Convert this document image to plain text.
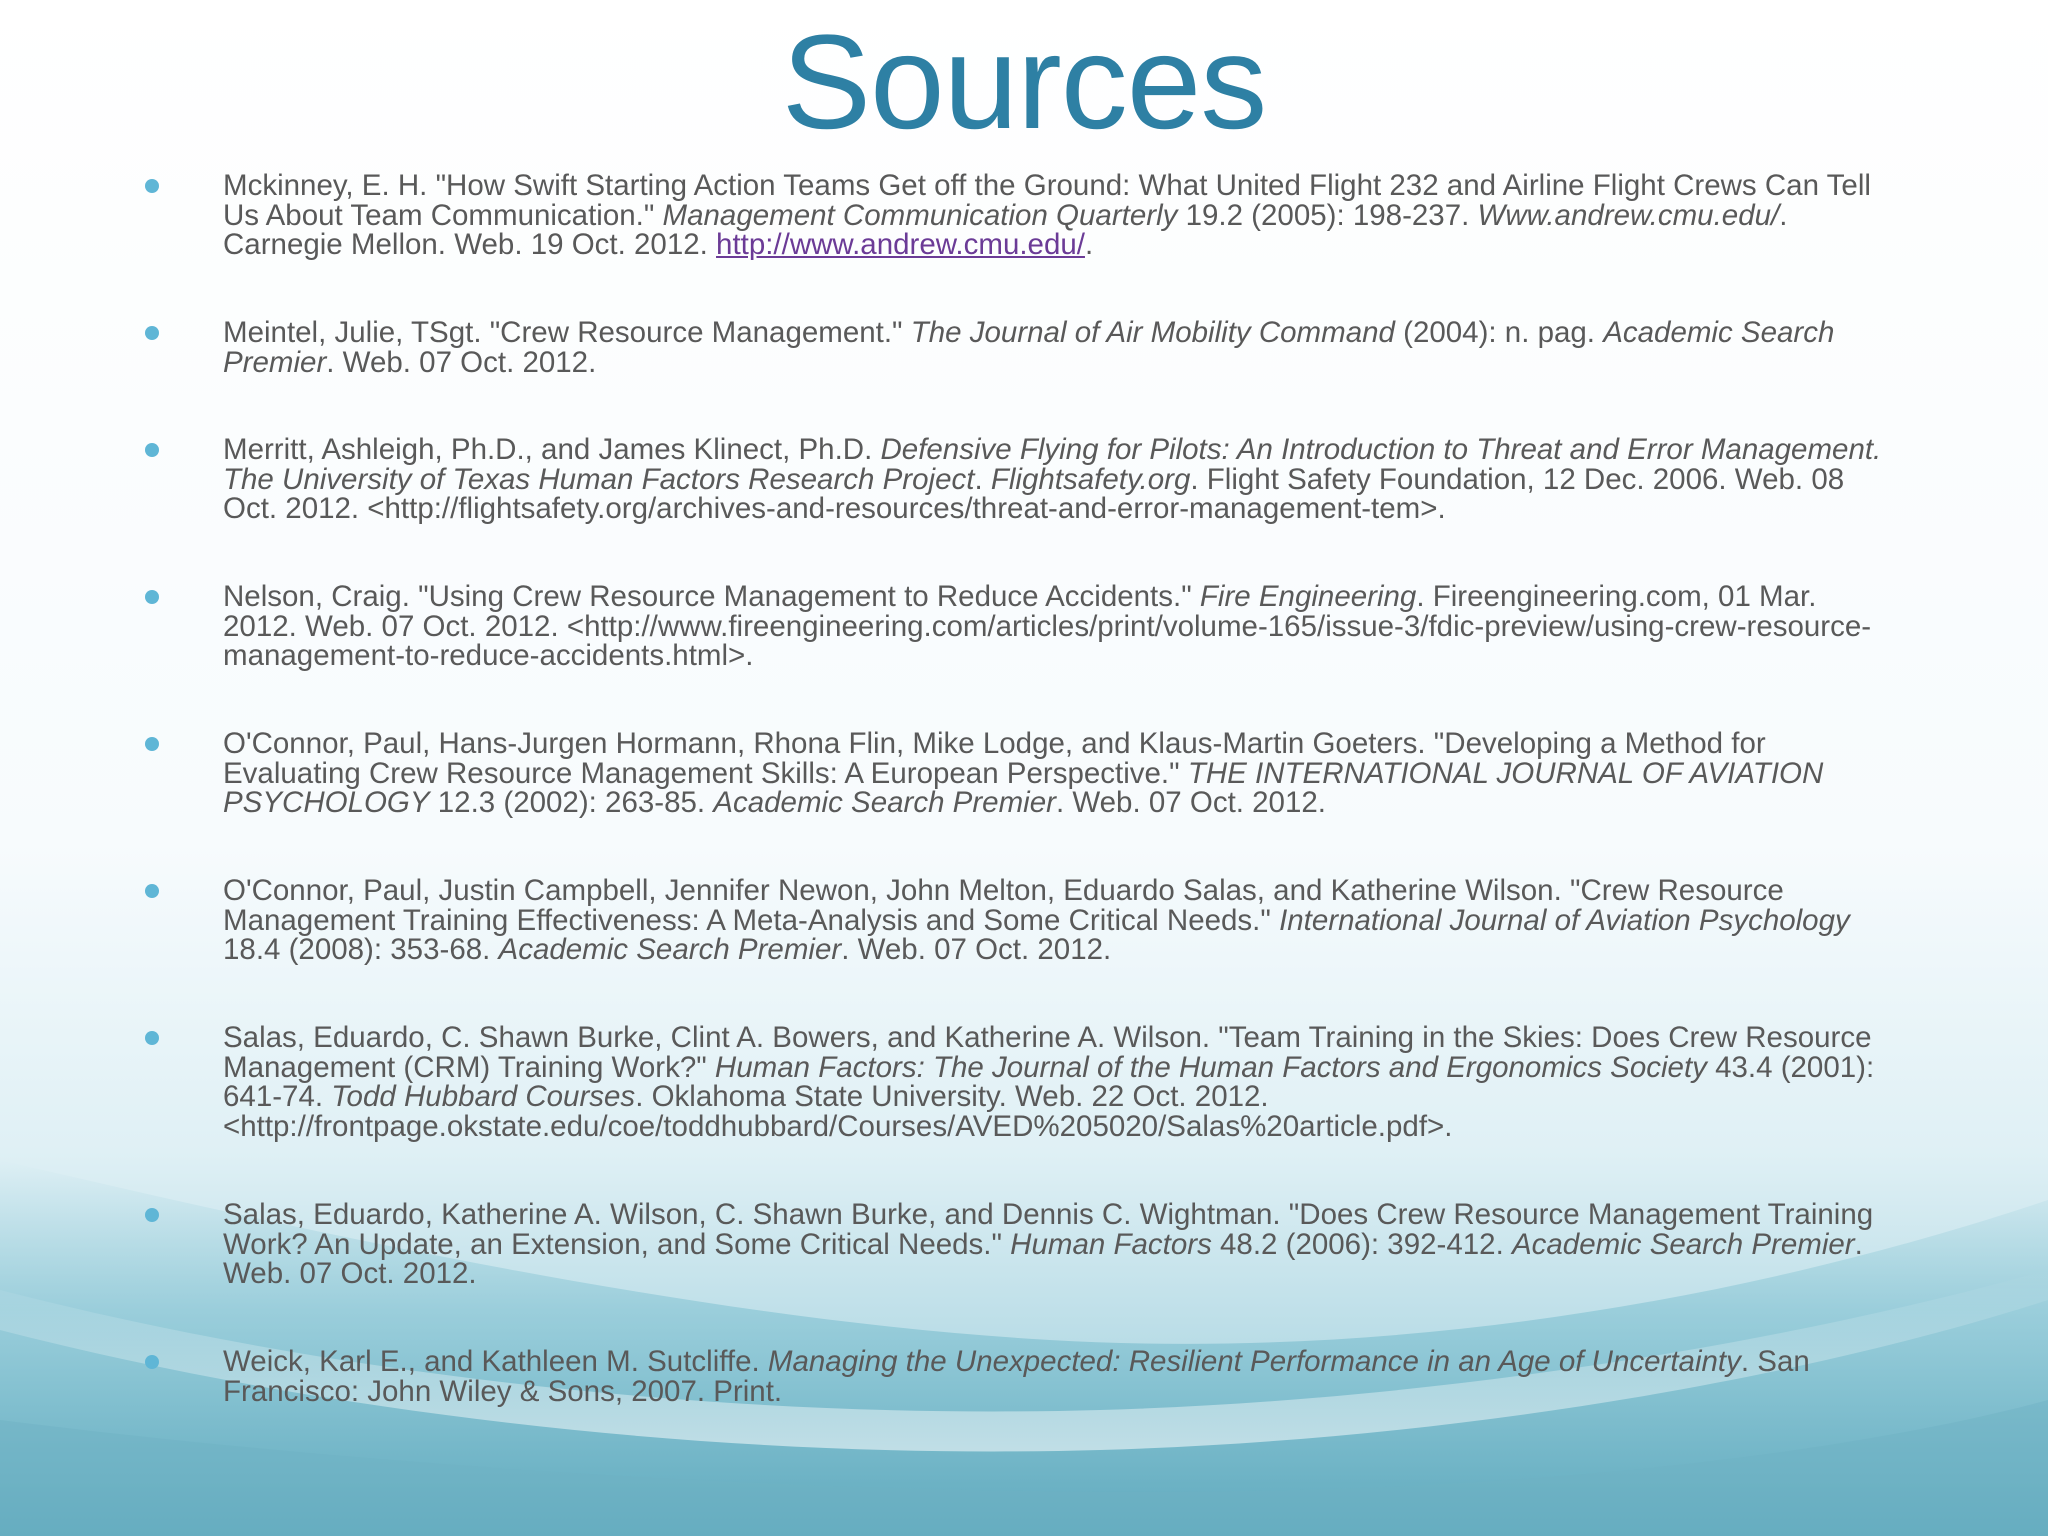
Sources
Mckinney, E. H. "How Swift Starting Action Teams Get off the Ground: What United Flight 232 and Airline Flight Crews Can Tell Us About Team Communication." Management Communication Quarterly 19.2 (2005): 198-237. Www.andrew.cmu.edu/. Carnegie Mellon. Web. 19 Oct. 2012. http://www.andrew.cmu.edu/.
Meintel, Julie, TSgt. "Crew Resource Management." The Journal of Air Mobility Command (2004): n. pag. Academic Search Premier. Web. 07 Oct. 2012.
Merritt, Ashleigh, Ph.D., and James Klinect, Ph.D. Defensive Flying for Pilots: An Introduction to Threat and Error Management. The University of Texas Human Factors Research Project. Flightsafety.org. Flight Safety Foundation, 12 Dec. 2006. Web. 08 Oct. 2012. <http://flightsafety.org/archives-and-resources/threat-and-error-management-tem>.
Nelson, Craig. "Using Crew Resource Management to Reduce Accidents." Fire Engineering. Fireengineering.com, 01 Mar. 2012. Web. 07 Oct. 2012. <http://www.fireengineering.com/articles/print/volume-165/issue-3/fdic-preview/using-crew-resource-management-to-reduce-accidents.html>.
O'Connor, Paul, Hans-Jurgen Hormann, Rhona Flin, Mike Lodge, and Klaus-Martin Goeters. "Developing a Method for Evaluating Crew Resource Management Skills: A European Perspective." THE INTERNATIONAL JOURNAL OF AVIATION PSYCHOLOGY 12.3 (2002): 263-85. Academic Search Premier. Web. 07 Oct. 2012.
O'Connor, Paul, Justin Campbell, Jennifer Newon, John Melton, Eduardo Salas, and Katherine Wilson. "Crew Resource Management Training Effectiveness: A Meta-Analysis and Some Critical Needs." International Journal of Aviation Psychology 18.4 (2008): 353-68. Academic Search Premier. Web. 07 Oct. 2012.
Salas, Eduardo, C. Shawn Burke, Clint A. Bowers, and Katherine A. Wilson. "Team Training in the Skies: Does Crew Resource Management (CRM) Training Work?" Human Factors: The Journal of the Human Factors and Ergonomics Society 43.4 (2001): 641-74. Todd Hubbard Courses. Oklahoma State University. Web. 22 Oct. 2012. <http://frontpage.okstate.edu/coe/toddhubbard/Courses/AVED%205020/Salas%20article.pdf>.
Salas, Eduardo, Katherine A. Wilson, C. Shawn Burke, and Dennis C. Wightman. "Does Crew Resource Management Training Work? An Update, an Extension, and Some Critical Needs." Human Factors 48.2 (2006): 392-412. Academic Search Premier. Web. 07 Oct. 2012.
Weick, Karl E., and Kathleen M. Sutcliffe. Managing the Unexpected: Resilient Performance in an Age of Uncertainty. San Francisco: John Wiley & Sons, 2007. Print.
